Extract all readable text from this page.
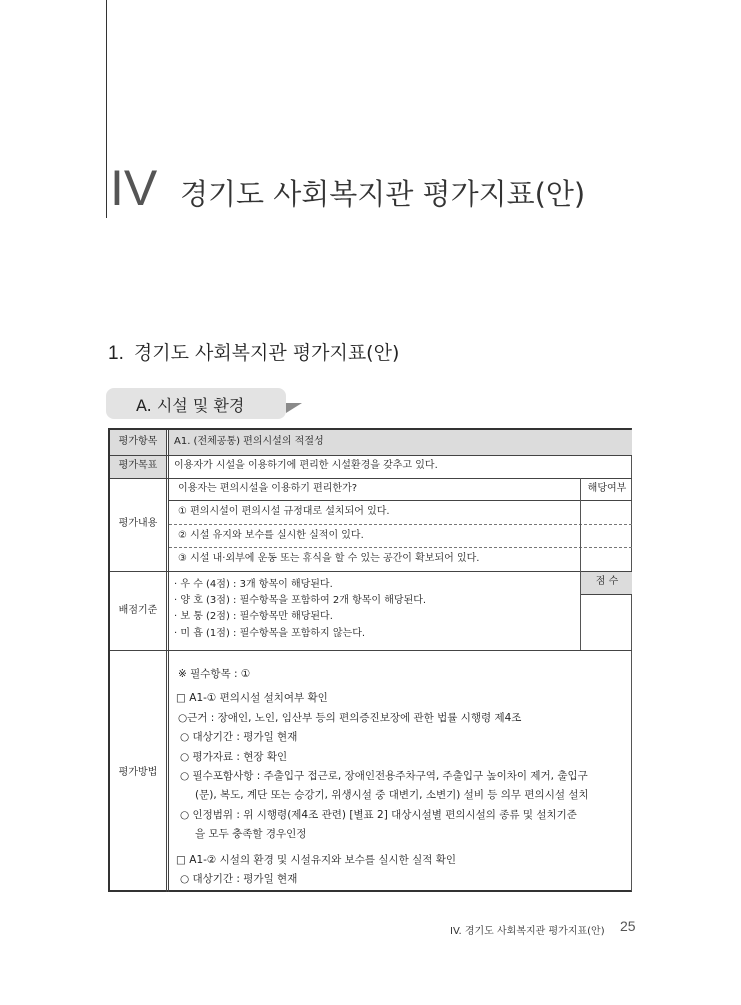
IV 경기도 사회복지관 평가지표(안)
1. 경기도 사회복지관 평가지표(안)
A. 시설 및 환경
평가항목
평가목표
평가내용
배점기준
평가방법
A1. (전체공통) 편의시설의 적절성
이용자가 시설을 이용하기에 편리한 시설환경을 갖추고 있다.
이용자는 편의시설을 이용하기 편리한가?	해당여부
① 편의시설이 편의시설 규정대로 설치되어 있다.
② 시설 유지와 보수를 실시한 실적이 있다.
③ 시설 내·외부에 운동 또는 휴식을 할 수 있는 공간이 확보되어 있다.
점 수
· 우 수 (4점) : 3개 항목이 해당된다.
· 양 호 (3점) : 필수항목을 포함하여 2개 항목이 해당된다.
· 보 통 (2점) : 필수항목만 해당된다.
· 미 흡 (1점) : 필수항목을 포함하지 않는다.
※ 필수항목 : ①
□ A1-① 편의시설 설치여부 확인
○근거 : 장애인, 노인, 임산부 등의 편의증진보장에 관한 법률 시행령 제4조
○ 대상기간 : 평가일 현재
○ 평가자료 : 현장 확인
○ 필수포함사항 : 주출입구 접근로, 장애인전용주차구역, 주출입구 높이차이 제거, 출입구
(문), 복도, 계단 또는 승강기, 위생시설 중 대변기, 소변기) 설비 등 의무 편의시설 설치
○ 인정범위 : 위 시행령(제4조 관련) [별표 2] 대상시설별 편의시설의 종류 및 설치기준
을 모두 충족할 경우인정
□ A1-② 시설의 환경 및 시설유지와 보수를 실시한 실적 확인
○ 대상기간 : 평가일 현재
IV. 경기도 사회복지관 평가지표(안) 25
